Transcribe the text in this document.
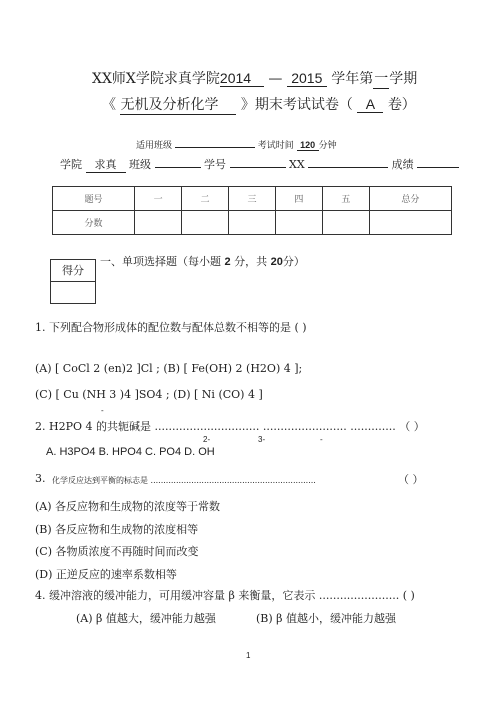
XX师X学院求真学院2014 — 2015 学年第一学期
《 无机及分析化学 》期末考试试卷（ A 卷）
适用班级	考试时间 120 分钟
学院 求真 班级	学号	XX	成绩
题号	一	二	三	四	五	总分
分数						
得分
一、单项选择题（每小题 2 分，共 20分）
1. 下列配合物形成体的配位数与配体总数不相等的是 ( )
(A) [ CoCl 2 (en)2 ]Cl ; (B) [ Fe(OH) 2 (H2O) 4 ];
(C) [ Cu (NH 3 )4 ]SO4 ; (D) [ Ni (CO) 4 ]
-
2. H2PO 4 的共轭碱是 .............................. ........................ ............. （ ）
2-	3-	-
A. H3PO4 B. HPO4 C. PO4 D. OH
3. 化学反应达到平衡的标志是 .................................................................	（ ）
(A) 各反应物和生成物的浓度等于常数
(B) 各反应物和生成物的浓度相等
(C) 各物质浓度不再随时间而改变
(D) 正逆反应的速率系数相等
4. 缓冲溶液的缓冲能力，可用缓冲容量 β 来衡量，它表示 ....................... ( )
(A) β 值越大，缓冲能力越强	(B) β 值越小，缓冲能力越强
1
